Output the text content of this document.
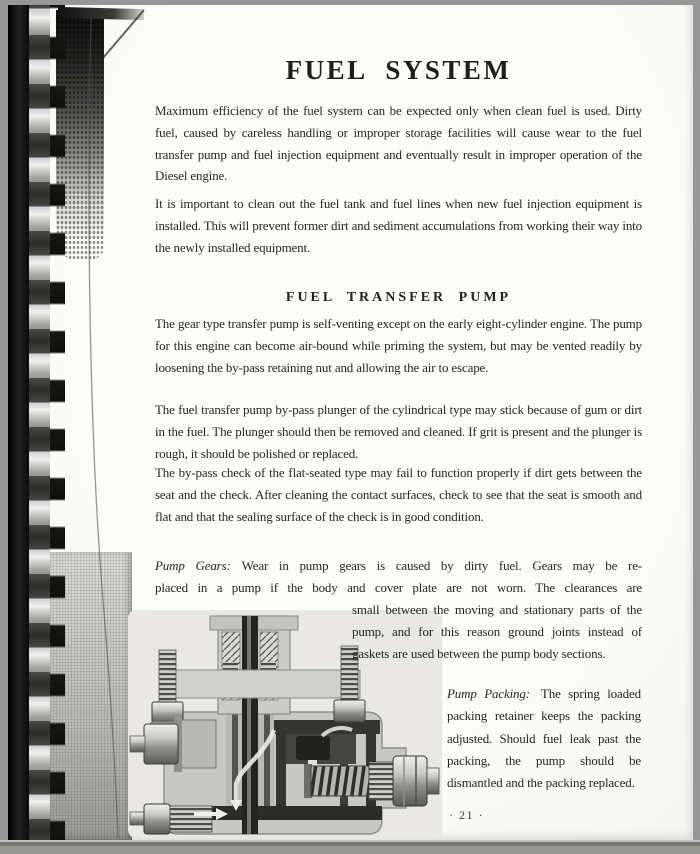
FUEL SYSTEM
Maximum efficiency of the fuel system can be expected only when clean fuel is used. Dirty fuel, caused by careless handling or improper storage facilities will cause wear to the fuel transfer pump and fuel injection equipment and eventually result in improper operation of the Diesel engine.
It is important to clean out the fuel tank and fuel lines when new fuel injection equipment is installed. This will prevent former dirt and sediment accumulations from working their way into the newly installed equipment.
FUEL TRANSFER PUMP
The gear type transfer pump is self-venting except on the early eight-cylinder engine. The pump for this engine can become air-bound while priming the system, but may be vented readily by loosening the by-pass retaining nut and allowing the air to escape.
The fuel transfer pump by-pass plunger of the cylindrical type may stick because of gum or dirt in the fuel. The plunger should then be removed and cleaned. If grit is present and the plunger is rough, it should be polished or replaced.
The by-pass check of the flat-seated type may fail to function properly if dirt gets between the seat and the check. After cleaning the contact surfaces, check to see that the seat is smooth and flat and that the sealing surface of the check is in good condition.
Pump Gears: Wear in pump gears is caused by dirty fuel. Gears may be re-
placed in a pump if the body and cover plate are not worn. The clearances are
small between the moving and stationary parts of the pump, and for this reason ground joints instead of gaskets are used between the pump body sections.
Pump Packing: The spring loaded packing retainer keeps the packing adjusted. Should fuel leak past the packing, the pump should be dismantled and the packing replaced.
· 21 ·
